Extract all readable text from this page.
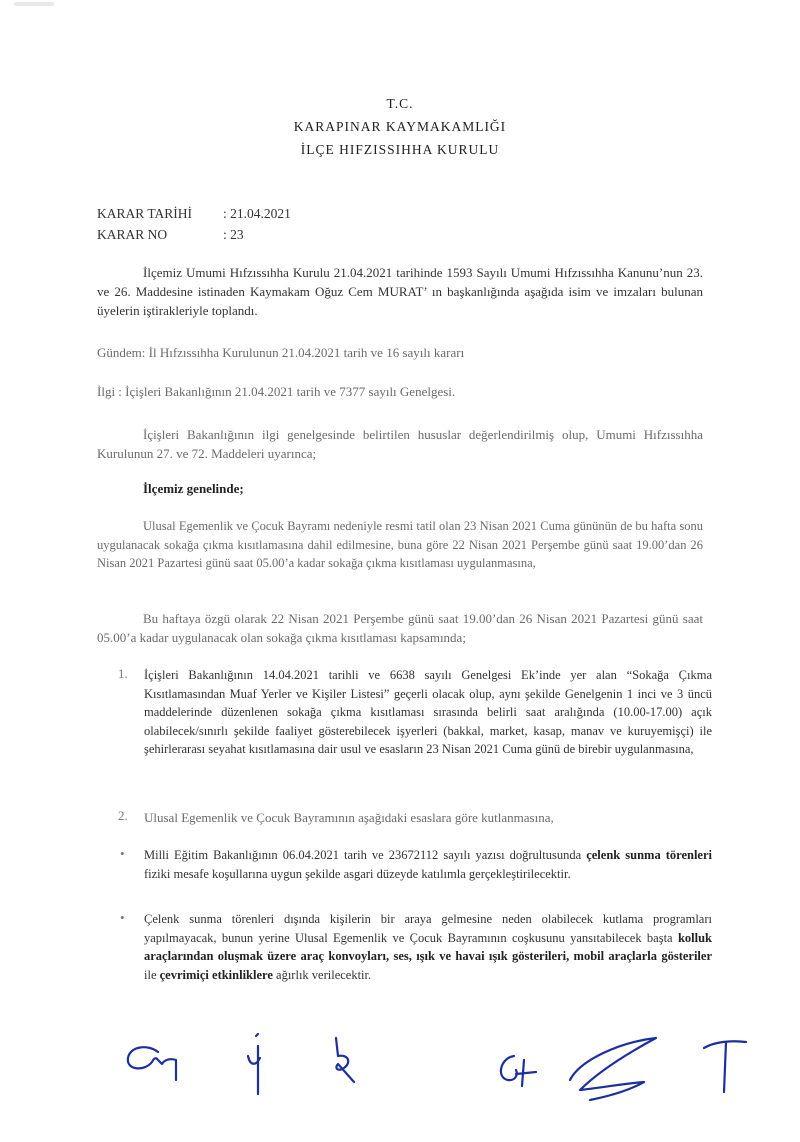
T.C.
KARAPINAR KAYMAKAMLIĞI
İLÇE HIFZISSIHHA KURULU
KARAR TARİHİ	: 21.04.2021
KARAR NO	: 23
İlçemiz Umumi Hıfzıssıhha Kurulu 21.04.2021 tarihinde 1593 Sayılı Umumi Hıfzıssıhha Kanunu’nun 23. ve 26. Maddesine istinaden Kaymakam Oğuz Cem MURAT’ ın başkanlığında aşağıda isim ve imzaları bulunan üyelerin iştirakleriyle toplandı.
Gündem: İl Hıfzıssıhha Kurulunun 21.04.2021 tarih ve 16 sayılı kararı
İlgi : İçişleri Bakanlığının 21.04.2021 tarih ve 7377 sayılı Genelgesi.
İçişleri Bakanlığının ilgi genelgesinde belirtilen hususlar değerlendirilmiş olup, Umumi Hıfzıssıhha Kurulunun 27. ve 72. Maddeleri uyarınca;
İlçemiz genelinde;
Ulusal Egemenlik ve Çocuk Bayramı nedeniyle resmi tatil olan 23 Nisan 2021 Cuma gününün de bu hafta sonu uygulanacak sokağa çıkma kısıtlamasına dahil edilmesine, buna göre 22 Nisan 2021 Perşembe günü saat 19.00’dan 26 Nisan 2021 Pazartesi günü saat 05.00’a kadar sokağa çıkma kısıtlaması uygulanmasına,
Bu haftaya özgü olarak 22 Nisan 2021 Perşembe günü saat 19.00’dan 26 Nisan 2021 Pazartesi günü saat 05.00’a kadar uygulanacak olan sokağa çıkma kısıtlaması kapsamında;
1. İçişleri Bakanlığının 14.04.2021 tarihli ve 6638 sayılı Genelgesi Ek’inde yer alan “Sokağa Çıkma Kısıtlamasından Muaf Yerler ve Kişiler Listesi” geçerli olacak olup, aynı şekilde Genelgenin 1 inci ve 3 üncü maddelerinde düzenlenen sokağa çıkma kısıtlaması sırasında belirli saat aralığında (10.00-17.00) açık olabilecek/sınırlı şekilde faaliyet gösterebilecek işyerleri (bakkal, market, kasap, manav ve kuruyemişçi) ile şehirlerarası seyahat kısıtlamasına dair usul ve esasların 23 Nisan 2021 Cuma günü de birebir uygulanmasına,
2. Ulusal Egemenlik ve Çocuk Bayramının aşağıdaki esaslara göre kutlanmasına,
• Milli Eğitim Bakanlığının 06.04.2021 tarih ve 23672112 sayılı yazısı doğrultusunda çelenk sunma törenleri fiziki mesafe koşullarına uygun şekilde asgari düzeyde katılımla gerçekleştirilecektir.
• Çelenk sunma törenleri dışında kişilerin bir araya gelmesine neden olabilecek kutlama programları yapılmayacak, bunun yerine Ulusal Egemenlik ve Çocuk Bayramının coşkusunu yansıtabilecek başta kolluk araçlarından oluşmak üzere araç konvoyları, ses, ışık ve havai ışık gösterileri, mobil araçlarla gösteriler ile çevrimiçi etkinliklere ağırlık verilecektir.
